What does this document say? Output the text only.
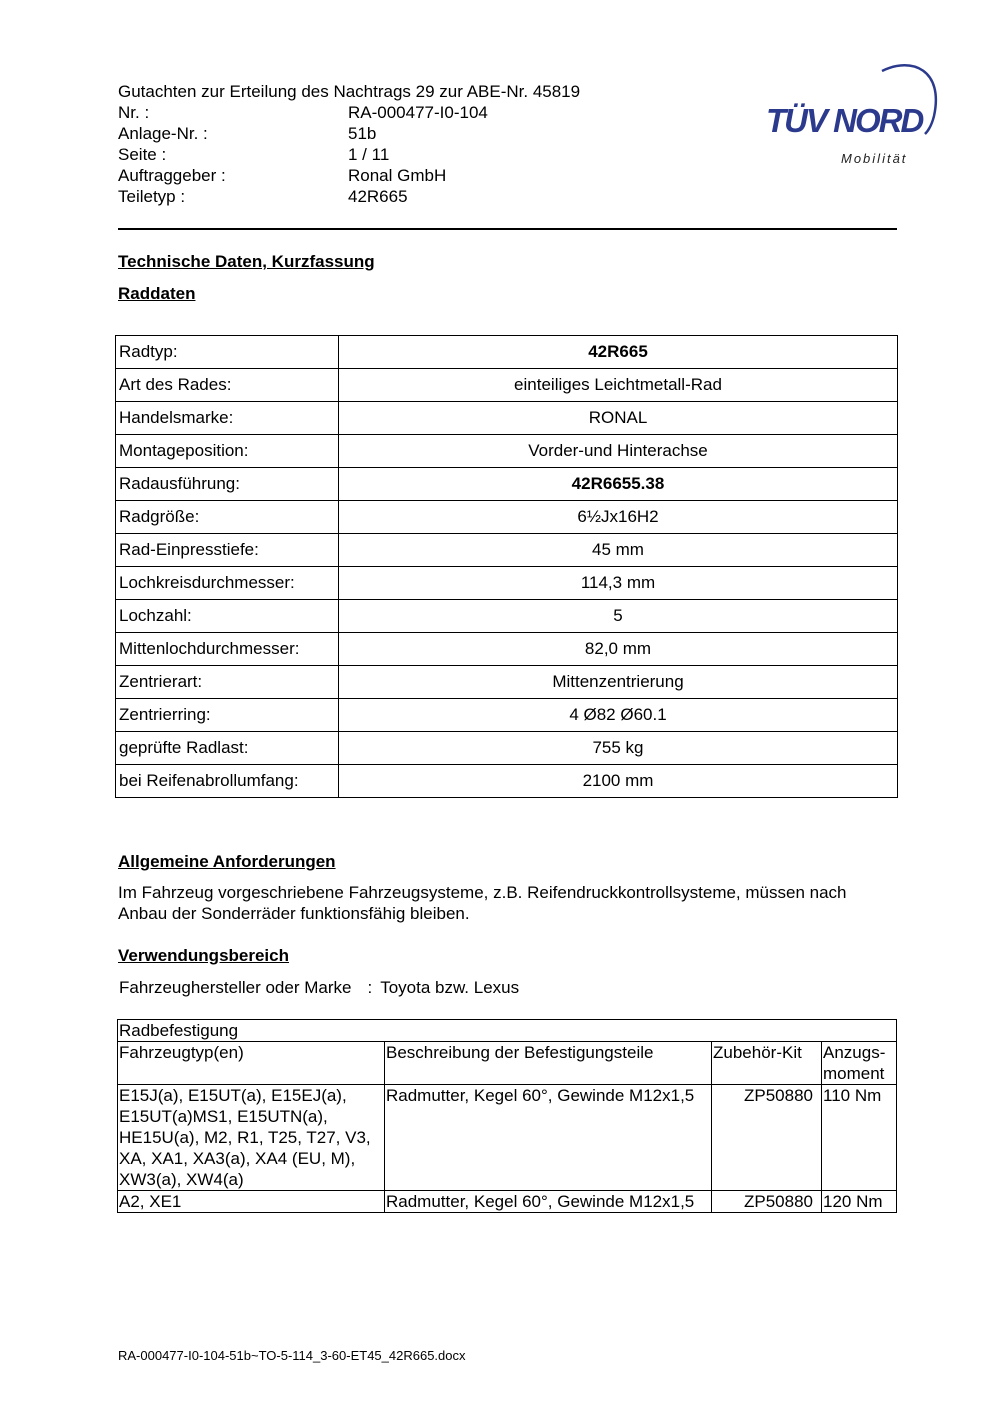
Gutachten zur Erteilung des Nachtrags 29 zur ABE-Nr. 45819
Nr. :	RA-000477-I0-104
Anlage-Nr. :	51b
Seite :	1 / 11
Auftraggeber :	Ronal GmbH
Teiletyp :	42R665
TÜV NORD
Mobilität
Technische Daten, Kurzfassung
Raddaten
Radtyp:	42R665
Art des Rades:	einteiliges Leichtmetall-Rad
Handelsmarke:	RONAL
Montageposition:	Vorder-und Hinterachse
Radausführung:	42R6655.38
Radgröße:	6½Jx16H2
Rad-Einpresstiefe:	45 mm
Lochkreisdurchmesser:	114,3 mm
Lochzahl:	5
Mittenlochdurchmesser:	82,0 mm
Zentrierart:	Mittenzentrierung
Zentrierring:	4 Ø82 Ø60.1
geprüfte Radlast:	755 kg
bei Reifenabrollumfang:	2100 mm
Allgemeine Anforderungen
Im Fahrzeug vorgeschriebene Fahrzeugsysteme, z.B. Reifendruckkontrollsysteme, müssen nach Anbau der Sonderräder funktionsfähig bleiben.
Verwendungsbereich
Fahrzeughersteller oder Marke : Toyota bzw. Lexus
Radbefestigung			
Fahrzeugtyp(en)	Beschreibung der Befestigungsteile	Zubehör-Kit	Anzugs-moment
E15J(a), E15UT(a), E15EJ(a), E15UT(a)MS1, E15UTN(a), HE15U(a), M2, R1, T25, T27, V3, XA, XA1, XA3(a), XA4 (EU, M), XW3(a), XW4(a)	Radmutter, Kegel 60°, Gewinde M12x1,5	ZP50880	110 Nm
A2, XE1	Radmutter, Kegel 60°, Gewinde M12x1,5	ZP50880	120 Nm
RA-000477-I0-104-51b~TO-5-114_3-60-ET45_42R665.docx
